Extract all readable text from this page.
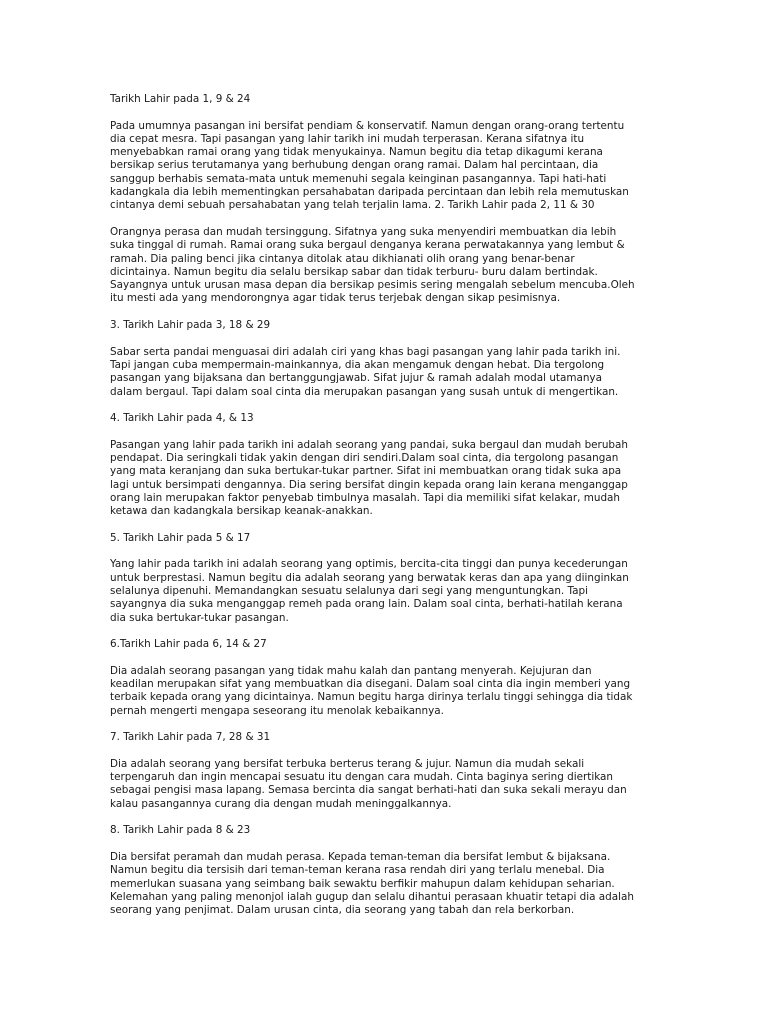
Tarikh Lahir pada 1, 9 & 24

Pada umumnya pasangan ini bersifat pendiam & konservatif. Namun dengan orang-orang tertentu
dia cepat mesra. Tapi pasangan yang lahir tarikh ini mudah terperasan. Kerana sifatnya itu
menyebabkan ramai orang yang tidak menyukainya. Namun begitu dia tetap dikagumi kerana
bersikap serius terutamanya yang berhubung dengan orang ramai. Dalam hal percintaan, dia
sanggup berhabis semata-mata untuk memenuhi segala keinginan pasangannya. Tapi hati-hati
kadangkala dia lebih mementingkan persahabatan daripada percintaan dan lebih rela memutuskan
cintanya demi sebuah persahabatan yang telah terjalin lama. 2. Tarikh Lahir pada 2, 11 & 30

Orangnya perasa dan mudah tersinggung. Sifatnya yang suka menyendiri membuatkan dia lebih
suka tinggal di rumah. Ramai orang suka bergaul denganya kerana perwatakannya yang lembut &
ramah. Dia paling benci jika cintanya ditolak atau dikhianati olih orang yang benar-benar
dicintainya. Namun begitu dia selalu bersikap sabar dan tidak terburu- buru dalam bertindak.
Sayangnya untuk urusan masa depan dia bersikap pesimis sering mengalah sebelum mencuba.Oleh
itu mesti ada yang mendorongnya agar tidak terus terjebak dengan sikap pesimisnya.

3. Tarikh Lahir pada 3, 18 & 29

Sabar serta pandai menguasai diri adalah ciri yang khas bagi pasangan yang lahir pada tarikh ini.
Tapi jangan cuba mempermain-mainkannya, dia akan mengamuk dengan hebat. Dia tergolong
pasangan yang bijaksana dan bertanggungjawab. Sifat jujur & ramah adalah modal utamanya
dalam bergaul. Tapi dalam soal cinta dia merupakan pasangan yang susah untuk di mengertikan.

4. Tarikh Lahir pada 4, & 13

Pasangan yang lahir pada tarikh ini adalah seorang yang pandai, suka bergaul dan mudah berubah
pendapat. Dia seringkali tidak yakin dengan diri sendiri.Dalam soal cinta, dia tergolong pasangan
yang mata keranjang dan suka bertukar-tukar partner. Sifat ini membuatkan orang tidak suka apa
lagi untuk bersimpati dengannya. Dia sering bersifat dingin kepada orang lain kerana menganggap
orang lain merupakan faktor penyebab timbulnya masalah. Tapi dia memiliki sifat kelakar, mudah
ketawa dan kadangkala bersikap keanak-anakkan.

5. Tarikh Lahir pada 5 & 17

Yang lahir pada tarikh ini adalah seorang yang optimis, bercita-cita tinggi dan punya kecederungan
untuk berprestasi. Namun begitu dia adalah seorang yang berwatak keras dan apa yang diinginkan
selalunya dipenuhi. Memandangkan sesuatu selalunya dari segi yang menguntungkan. Tapi
sayangnya dia suka menganggap remeh pada orang lain. Dalam soal cinta, berhati-hatilah kerana
dia suka bertukar-tukar pasangan.

6.Tarikh Lahir pada 6, 14 & 27

Dia adalah seorang pasangan yang tidak mahu kalah dan pantang menyerah. Kejujuran dan
keadilan merupakan sifat yang membuatkan dia disegani. Dalam soal cinta dia ingin memberi yang
terbaik kepada orang yang dicintainya. Namun begitu harga dirinya terlalu tinggi sehingga dia tidak
pernah mengerti mengapa seseorang itu menolak kebaikannya.

7. Tarikh Lahir pada 7, 28 & 31

Dia adalah seorang yang bersifat terbuka berterus terang & jujur. Namun dia mudah sekali
terpengaruh dan ingin mencapai sesuatu itu dengan cara mudah. Cinta baginya sering diertikan
sebagai pengisi masa lapang. Semasa bercinta dia sangat berhati-hati dan suka sekali merayu dan
kalau pasangannya curang dia dengan mudah meninggalkannya.

8. Tarikh Lahir pada 8 & 23

Dia bersifat peramah dan mudah perasa. Kepada teman-teman dia bersifat lembut & bijaksana.
Namun begitu dia tersisih dari teman-teman kerana rasa rendah diri yang terlalu menebal. Dia
memerlukan suasana yang seimbang baik sewaktu berfikir mahupun dalam kehidupan seharian.
Kelemahan yang paling menonjol ialah gugup dan selalu dihantui perasaan khuatir tetapi dia adalah
seorang yang penjimat. Dalam urusan cinta, dia seorang yang tabah dan rela berkorban.
